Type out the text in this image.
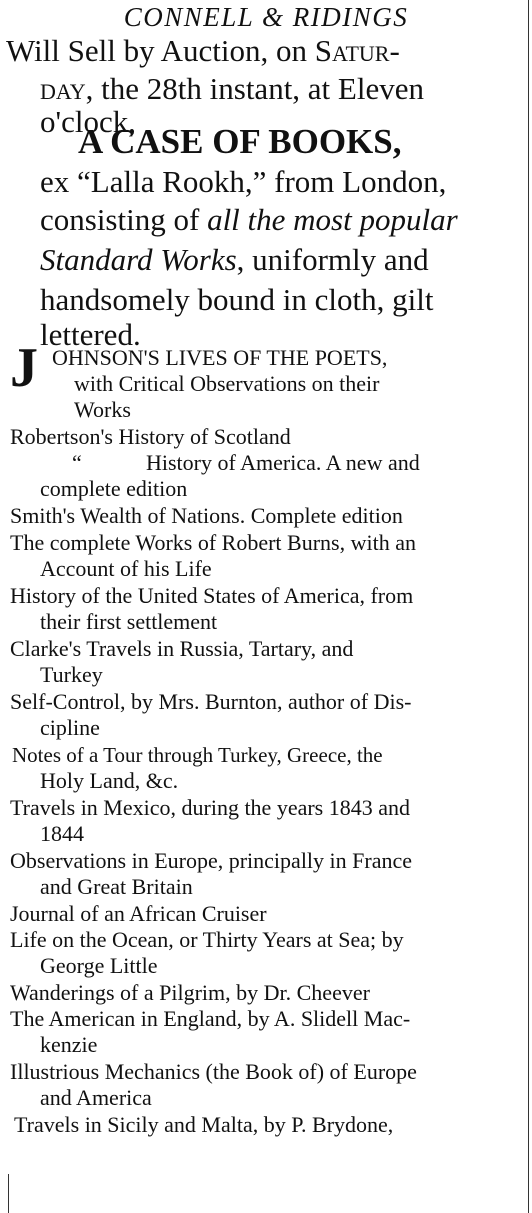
CONNELL & RIDINGS
Will Sell by Auction, on Satur-
day, the 28th instant, at Eleven
o'clock,
A CASE OF BOOKS,
ex “Lalla Rookh,” from London,
consisting of all the most popular
Standard Works, uniformly and
handsomely bound in cloth, gilt
lettered.
J OHNSON'S LIVES OF THE POETS,
with Critical Observations on their
Works
Robertson's History of Scotland
“	History of America. A new and
complete edition
Smith's Wealth of Nations. Complete edition
The complete Works of Robert Burns, with an
Account of his Life
History of the United States of America, from
their first settlement
Clarke's Travels in Russia, Tartary, and
Turkey
Self-Control, by Mrs. Burnton, author of Dis-
cipline
Notes of a Tour through Turkey, Greece, the
Holy Land, &c.
Travels in Mexico, during the years 1843 and
1844
Observations in Europe, principally in France
and Great Britain
Journal of an African Cruiser
Life on the Ocean, or Thirty Years at Sea; by
George Little
Wanderings of a Pilgrim, by Dr. Cheever
The American in England, by A. Slidell Mac-
kenzie
Illustrious Mechanics (the Book of) of Europe
and America
Travels in Sicily and Malta, by P. Brydone,
